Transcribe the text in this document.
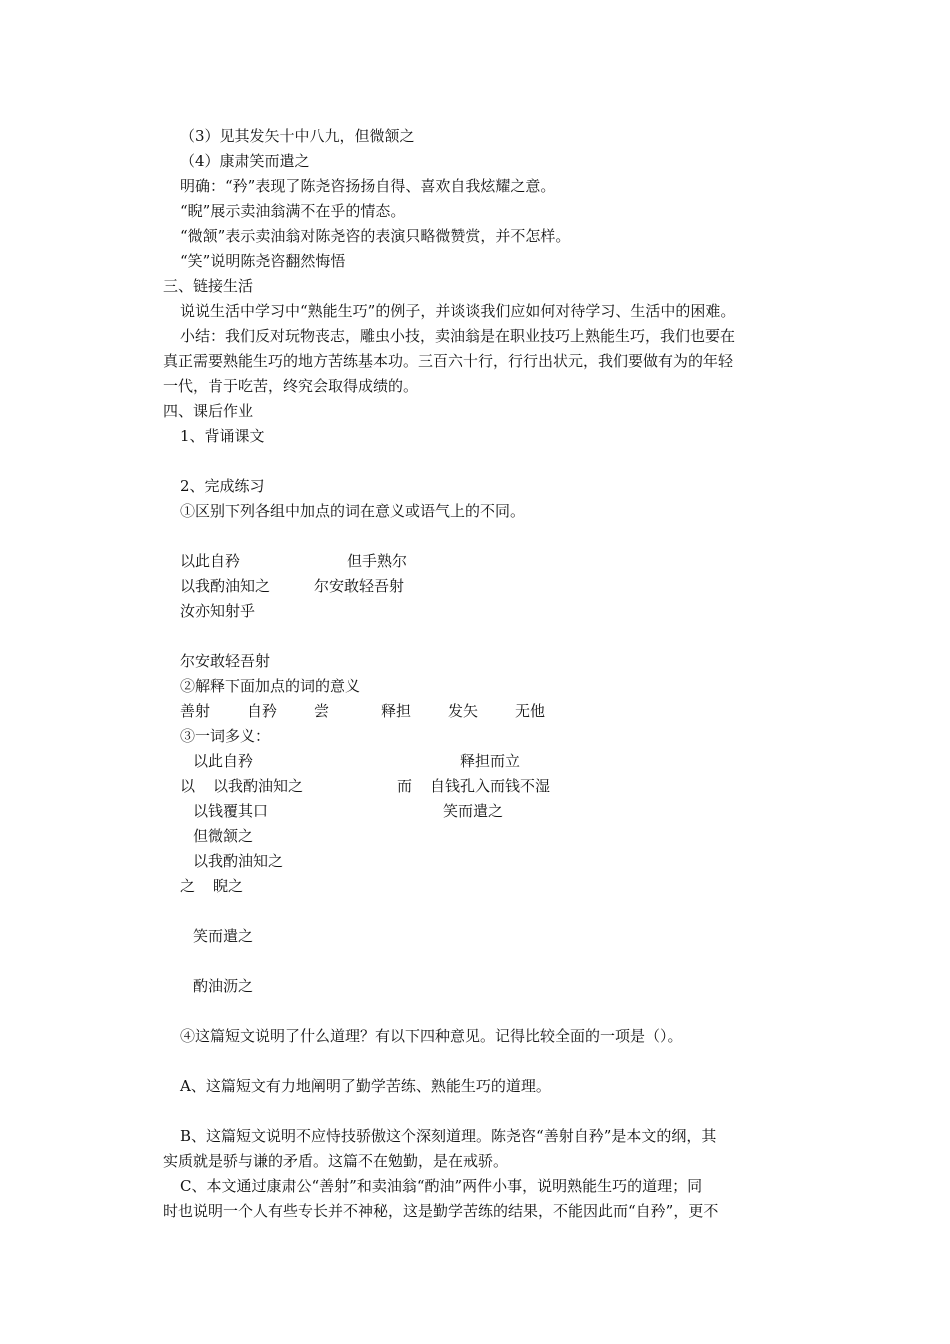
（3）见其发矢十中八九，但微颔之
（4）康肃笑而遣之
明确：“矜”表现了陈尧咨扬扬自得、喜欢自我炫耀之意。
“睨”展示卖油翁满不在乎的情态。
“微颔”表示卖油翁对陈尧咨的表演只略微赞赏，并不怎样。
“笑”说明陈尧咨翻然悔悟
三、链接生活
说说生活中学习中“熟能生巧”的例子，并谈谈我们应如何对待学习、生活中的困难。
小结：我们反对玩物丧志，雕虫小技，卖油翁是在职业技巧上熟能生巧，我们也要在
真正需要熟能生巧的地方苦练基本功。三百六十行，行行出状元，我们要做有为的年轻
一代，肯于吃苦，终究会取得成绩的。
四、课后作业
1、背诵课文
2、完成练习
①区别下列各组中加点的词在意义或语气上的不同。
以此自矜	但手熟尔
以我酌油知之	尔安敢轻吾射
汝亦知射乎
尔安敢轻吾射
②解释下面加点的词的意义
善射 自矜 尝	释担 发矢 无他
③一词多义：
以此自矜	释担而立
以 以我酌油知之	而 自钱孔入而钱不湿
以钱覆其口	笑而遣之
但微颔之
以我酌油知之
之 睨之
笑而遣之
酌油沥之
④这篇短文说明了什么道理？有以下四种意见。记得比较全面的一项是（）。
A、这篇短文有力地阐明了勤学苦练、熟能生巧的道理。
B、这篇短文说明不应恃技骄傲这个深刻道理。陈尧咨“善射自矜”是本文的纲，其
实质就是骄与谦的矛盾。这篇不在勉勤，是在戒骄。
C、本文通过康肃公“善射”和卖油翁“酌油”两件小事，说明熟能生巧的道理；同
时也说明一个人有些专长并不神秘，这是勤学苦练的结果，不能因此而“自矜”，更不
